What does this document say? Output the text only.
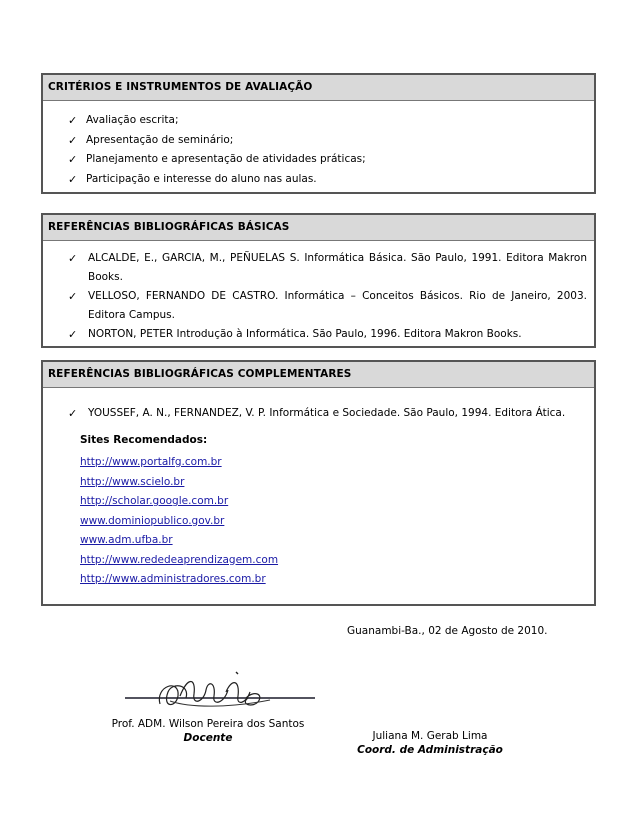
CRITÉRIOS E INSTRUMENTOS DE AVALIAÇÃO
✓ Avaliação escrita;
✓ Apresentação de seminário;
✓ Planejamento e apresentação de atividades práticas;
✓ Participação e interesse do aluno nas aulas.
REFERÊNCIAS BIBLIOGRÁFICAS BÁSICAS
✓ ALCALDE, E., GARCIA, M., PEÑUELAS S. Informática Básica. São Paulo, 1991. Editora Makron Books.
✓ VELLOSO, FERNANDO DE CASTRO. Informática – Conceitos Básicos. Rio de Janeiro, 2003. Editora Campus.
✓ NORTON, PETER Introdução à Informática. São Paulo, 1996. Editora Makron Books.
REFERÊNCIAS BIBLIOGRÁFICAS COMPLEMENTARES
✓ YOUSSEF, A. N., FERNANDEZ, V. P. Informática e Sociedade. São Paulo, 1994. Editora Ática.
Sites Recomendados:
http://www.portalfg.com.br
http://www.scielo.br
http://scholar.google.com.br
www.dominiopublico.gov.br
www.adm.ufba.br
http://www.rededeaprendizagem.com
http://www.administradores.com.br
Guanambi-Ba., 02 de Agosto de 2010.
Prof. ADM. Wilson Pereira dos Santos
Docente	Juliana M. Gerab Lima
Coord. de Administração
